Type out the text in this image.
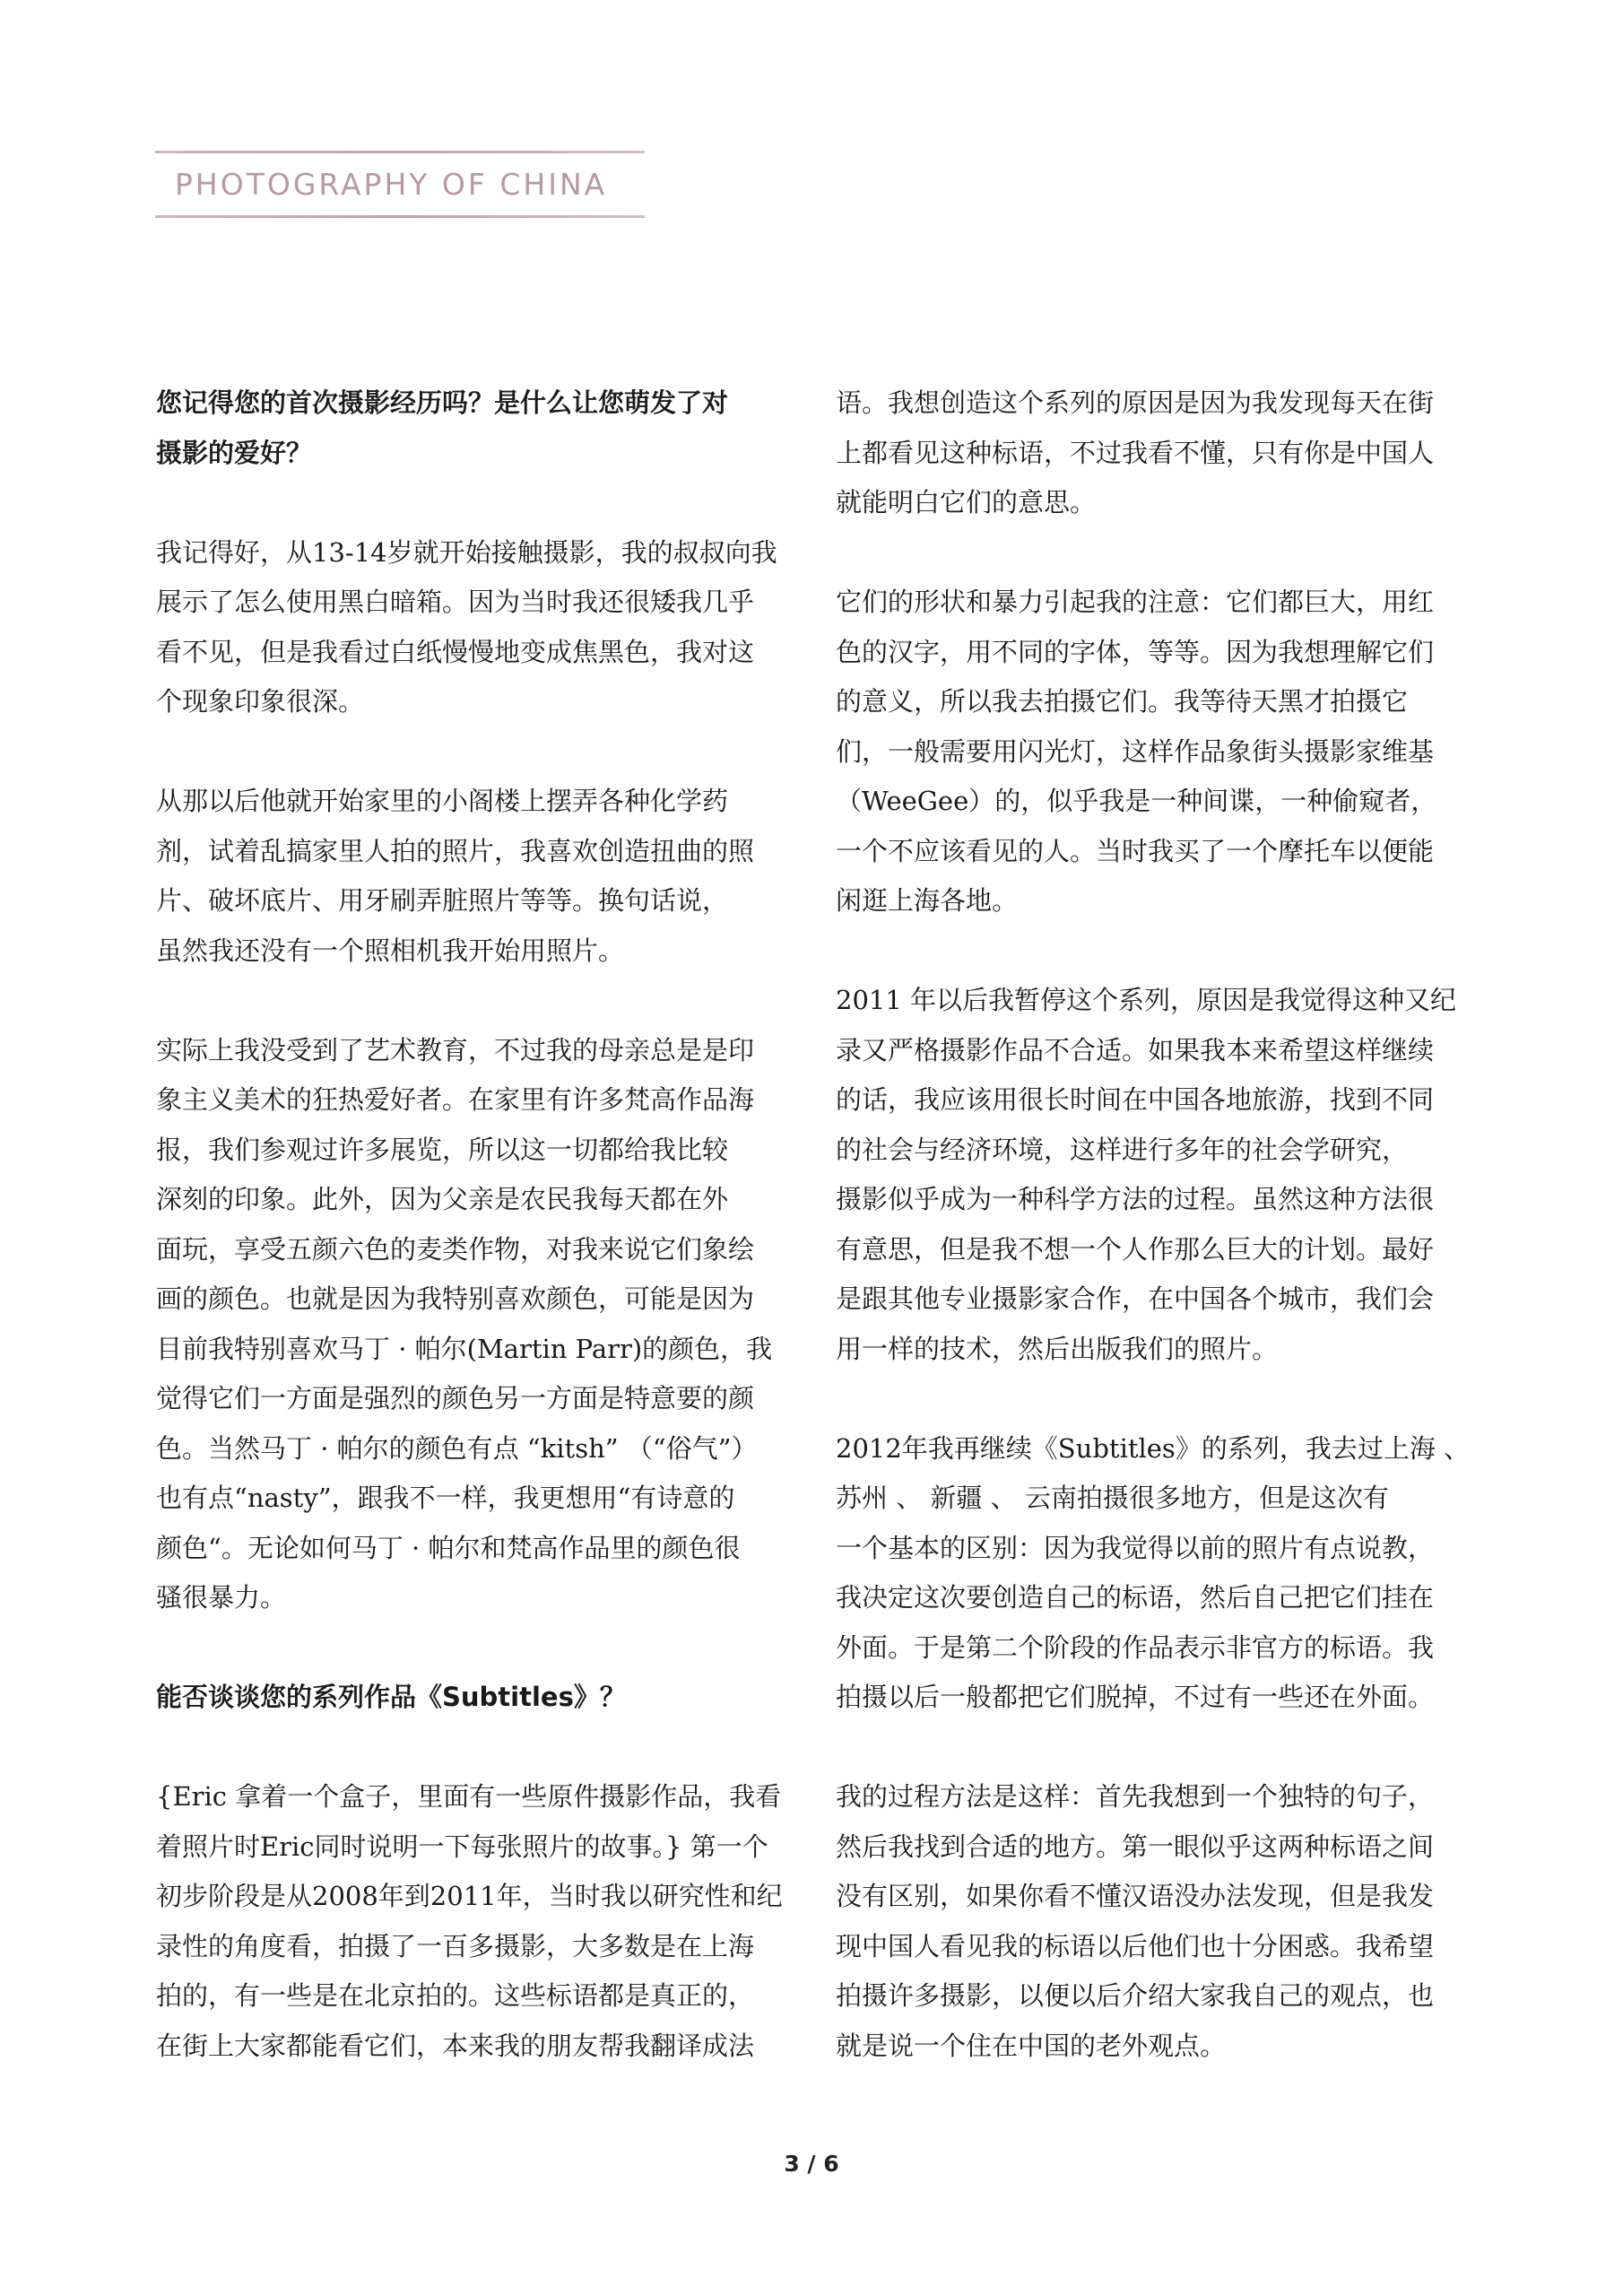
PHOTOGRAPHY OF CHINA
您记得您的首次摄影经历吗？是什么让您萌发了对
摄影的爱好？
我记得好，从13-14岁就开始接触摄影，我的叔叔向我
展示了怎么使用黑白暗箱。因为当时我还很矮我几乎
看不见，但是我看过白纸慢慢地变成焦黑色，我对这
个现象印象很深。
从那以后他就开始家里的小阁楼上摆弄各种化学药
剂，试着乱搞家里人拍的照片，我喜欢创造扭曲的照
片、破坏底片、用牙刷弄脏照片等等。换句话说，
虽然我还没有一个照相机我开始用照片。
实际上我没受到了艺术教育，不过我的母亲总是是印
象主义美术的狂热爱好者。在家里有许多梵高作品海
报，我们参观过许多展览，所以这一切都给我比较
深刻的印象。此外，因为父亲是农民我每天都在外
面玩，享受五颜六色的麦类作物，对我来说它们象绘
画的颜色。也就是因为我特别喜欢颜色，可能是因为
目前我特别喜欢马丁 · 帕尔(Martin Parr)的颜色，我
觉得它们一方面是强烈的颜色另一方面是特意要的颜
色。当然马丁 · 帕尔的颜色有点 “kitsh” （“俗气”）
也有点“nasty”，跟我不一样，我更想用“有诗意的
颜色“。无论如何马丁 · 帕尔和梵高作品里的颜色很
骚很暴力。
能否谈谈您的系列作品《Subtitles》？
{Eric 拿着一个盒子，里面有一些原件摄影作品，我看
着照片时Eric同时说明一下每张照片的故事。} 第一个
初步阶段是从2008年到2011年，当时我以研究性和纪
录性的角度看，拍摄了一百多摄影，大多数是在上海
拍的，有一些是在北京拍的。这些标语都是真正的，
在街上大家都能看它们，本来我的朋友帮我翻译成法
语。我想创造这个系列的原因是因为我发现每天在街
上都看见这种标语，不过我看不懂，只有你是中国人
就能明白它们的意思。
它们的形状和暴力引起我的注意：它们都巨大，用红
色的汉字，用不同的字体，等等。因为我想理解它们
的意义，所以我去拍摄它们。我等待天黑才拍摄它
们，一般需要用闪光灯，这样作品象街头摄影家维基
（WeeGee）的，似乎我是一种间谍，一种偷窥者，
一个不应该看见的人。当时我买了一个摩托车以便能
闲逛上海各地。
2011 年以后我暂停这个系列，原因是我觉得这种又纪
录又严格摄影作品不合适。如果我本来希望这样继续
的话，我应该用很长时间在中国各地旅游，找到不同
的社会与经济环境，这样进行多年的社会学研究，
摄影似乎成为一种科学方法的过程。虽然这种方法很
有意思，但是我不想一个人作那么巨大的计划。最好
是跟其他专业摄影家合作，在中国各个城市，我们会
用一样的技术，然后出版我们的照片。
2012年我再继续《Subtitles》的系列，我去过上海 、
苏州 、 新疆 、 云南拍摄很多地方，但是这次有
一个基本的区别：因为我觉得以前的照片有点说教，
我决定这次要创造自己的标语，然后自己把它们挂在
外面。于是第二个阶段的作品表示非官方的标语。我
拍摄以后一般都把它们脱掉，不过有一些还在外面。
我的过程方法是这样：首先我想到一个独特的句子，
然后我找到合适的地方。第一眼似乎这两种标语之间
没有区别，如果你看不懂汉语没办法发现，但是我发
现中国人看见我的标语以后他们也十分困惑。我希望
拍摄许多摄影，以便以后介绍大家我自己的观点，也
就是说一个住在中国的老外观点。
3 / 6
